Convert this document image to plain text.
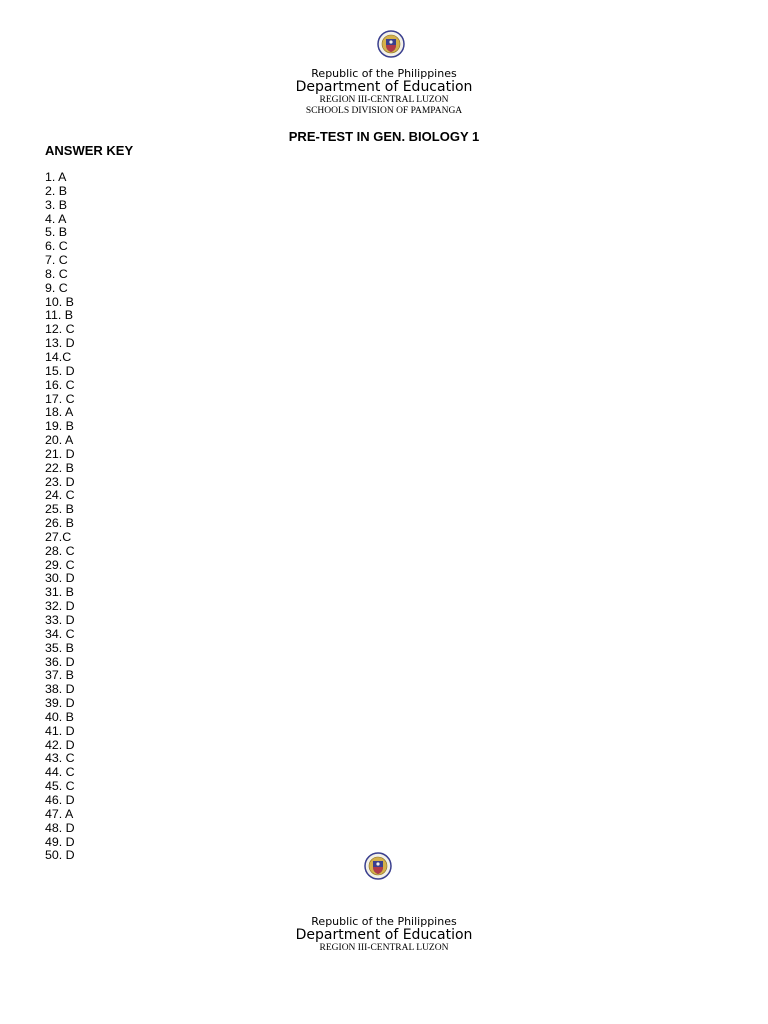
Republic of the Philippines
Department of Education
REGION III-CENTRAL LUZON
SCHOOLS DIVISION OF PAMPANGA
PRE-TEST IN GEN. BIOLOGY 1
ANSWER KEY
1. A
2. B
3. B
4. A
5. B
6. C
7. C
8. C
9. C
10. B
11. B
12. C
13. D
14.C
15. D
16. C
17. C
18. A
19. B
20. A
21. D
22. B
23. D
24. C
25. B
26. B
27.C
28. C
29. C
30. D
31. B
32. D
33. D
34. C
35. B
36. D
37. B
38. D
39. D
40. B
41. D
42. D
43. C
44. C
45. C
46. D
47. A
48. D
49. D
50. D
Republic of the Philippines
Department of Education
REGION III-CENTRAL LUZON
